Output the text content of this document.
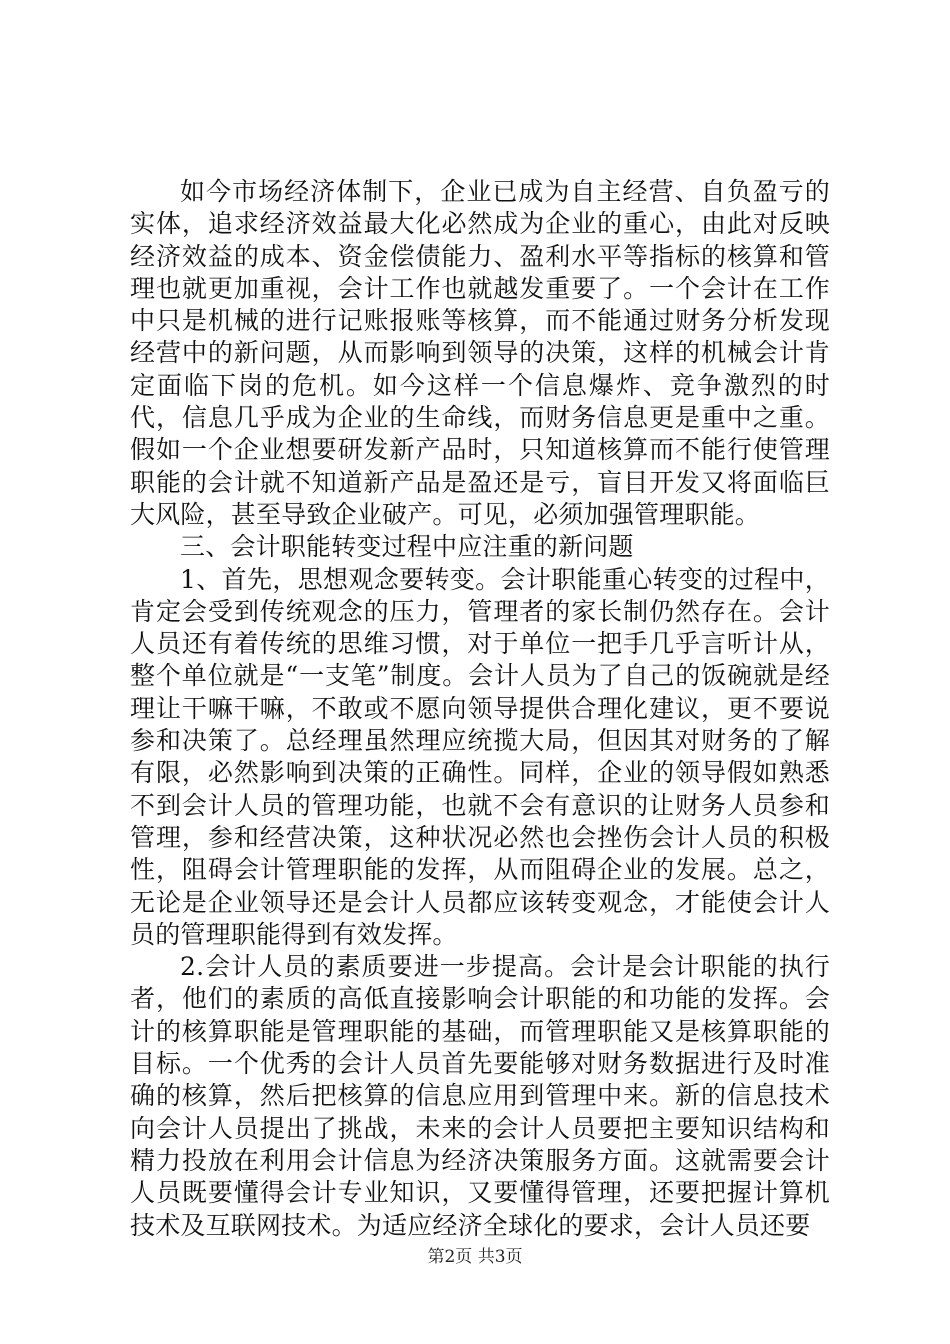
如今市场经济体制下，企业已成为自主经营、自负盈亏的实体，追求经济效益最大化必然成为企业的重心，由此对反映经济效益的成本、资金偿债能力、盈利水平等指标的核算和管理也就更加重视，会计工作也就越发重要了。一个会计在工作中只是机械的进行记账报账等核算，而不能通过财务分析发现经营中的新问题，从而影响到领导的决策，这样的机械会计肯定面临下岗的危机。如今这样一个信息爆炸、竞争激烈的时代，信息几乎成为企业的生命线，而财务信息更是重中之重。假如一个企业想要研发新产品时，只知道核算而不能行使管理职能的会计就不知道新产品是盈还是亏，盲目开发又将面临巨大风险，甚至导致企业破产。可见，必须加强管理职能。

三、会计职能转变过程中应注重的新问题

1、首先，思想观念要转变。会计职能重心转变的过程中，肯定会受到传统观念的压力，管理者的家长制仍然存在。会计人员还有着传统的思维习惯，对于单位一把手几乎言听计从，整个单位就是“一支笔”制度。会计人员为了自己的饭碗就是经理让干嘛干嘛，不敢或不愿向领导提供合理化建议，更不要说参和决策了。总经理虽然理应统揽大局，但因其对财务的了解有限，必然影响到决策的正确性。同样，企业的领导假如熟悉不到会计人员的管理功能，也就不会有意识的让财务人员参和管理，参和经营决策，这种状况必然也会挫伤会计人员的积极性，阻碍会计管理职能的发挥，从而阻碍企业的发展。总之，无论是企业领导还是会计人员都应该转变观念，才能使会计人员的管理职能得到有效发挥。

2.会计人员的素质要进一步提高。会计是会计职能的执行者，他们的素质的高低直接影响会计职能的和功能的发挥。会计的核算职能是管理职能的基础，而管理职能又是核算职能的目标。一个优秀的会计人员首先要能够对财务数据进行及时准确的核算，然后把核算的信息应用到管理中来。新的信息技术向会计人员提出了挑战，未来的会计人员要把主要知识结构和精力投放在利用会计信息为经济决策服务方面。这就需要会计人员既要懂得会计专业知识，又要懂得管理，还要把握计算机技术及互联网技术。为适应经济全球化的要求，会计人员还要

第2页 共3页
